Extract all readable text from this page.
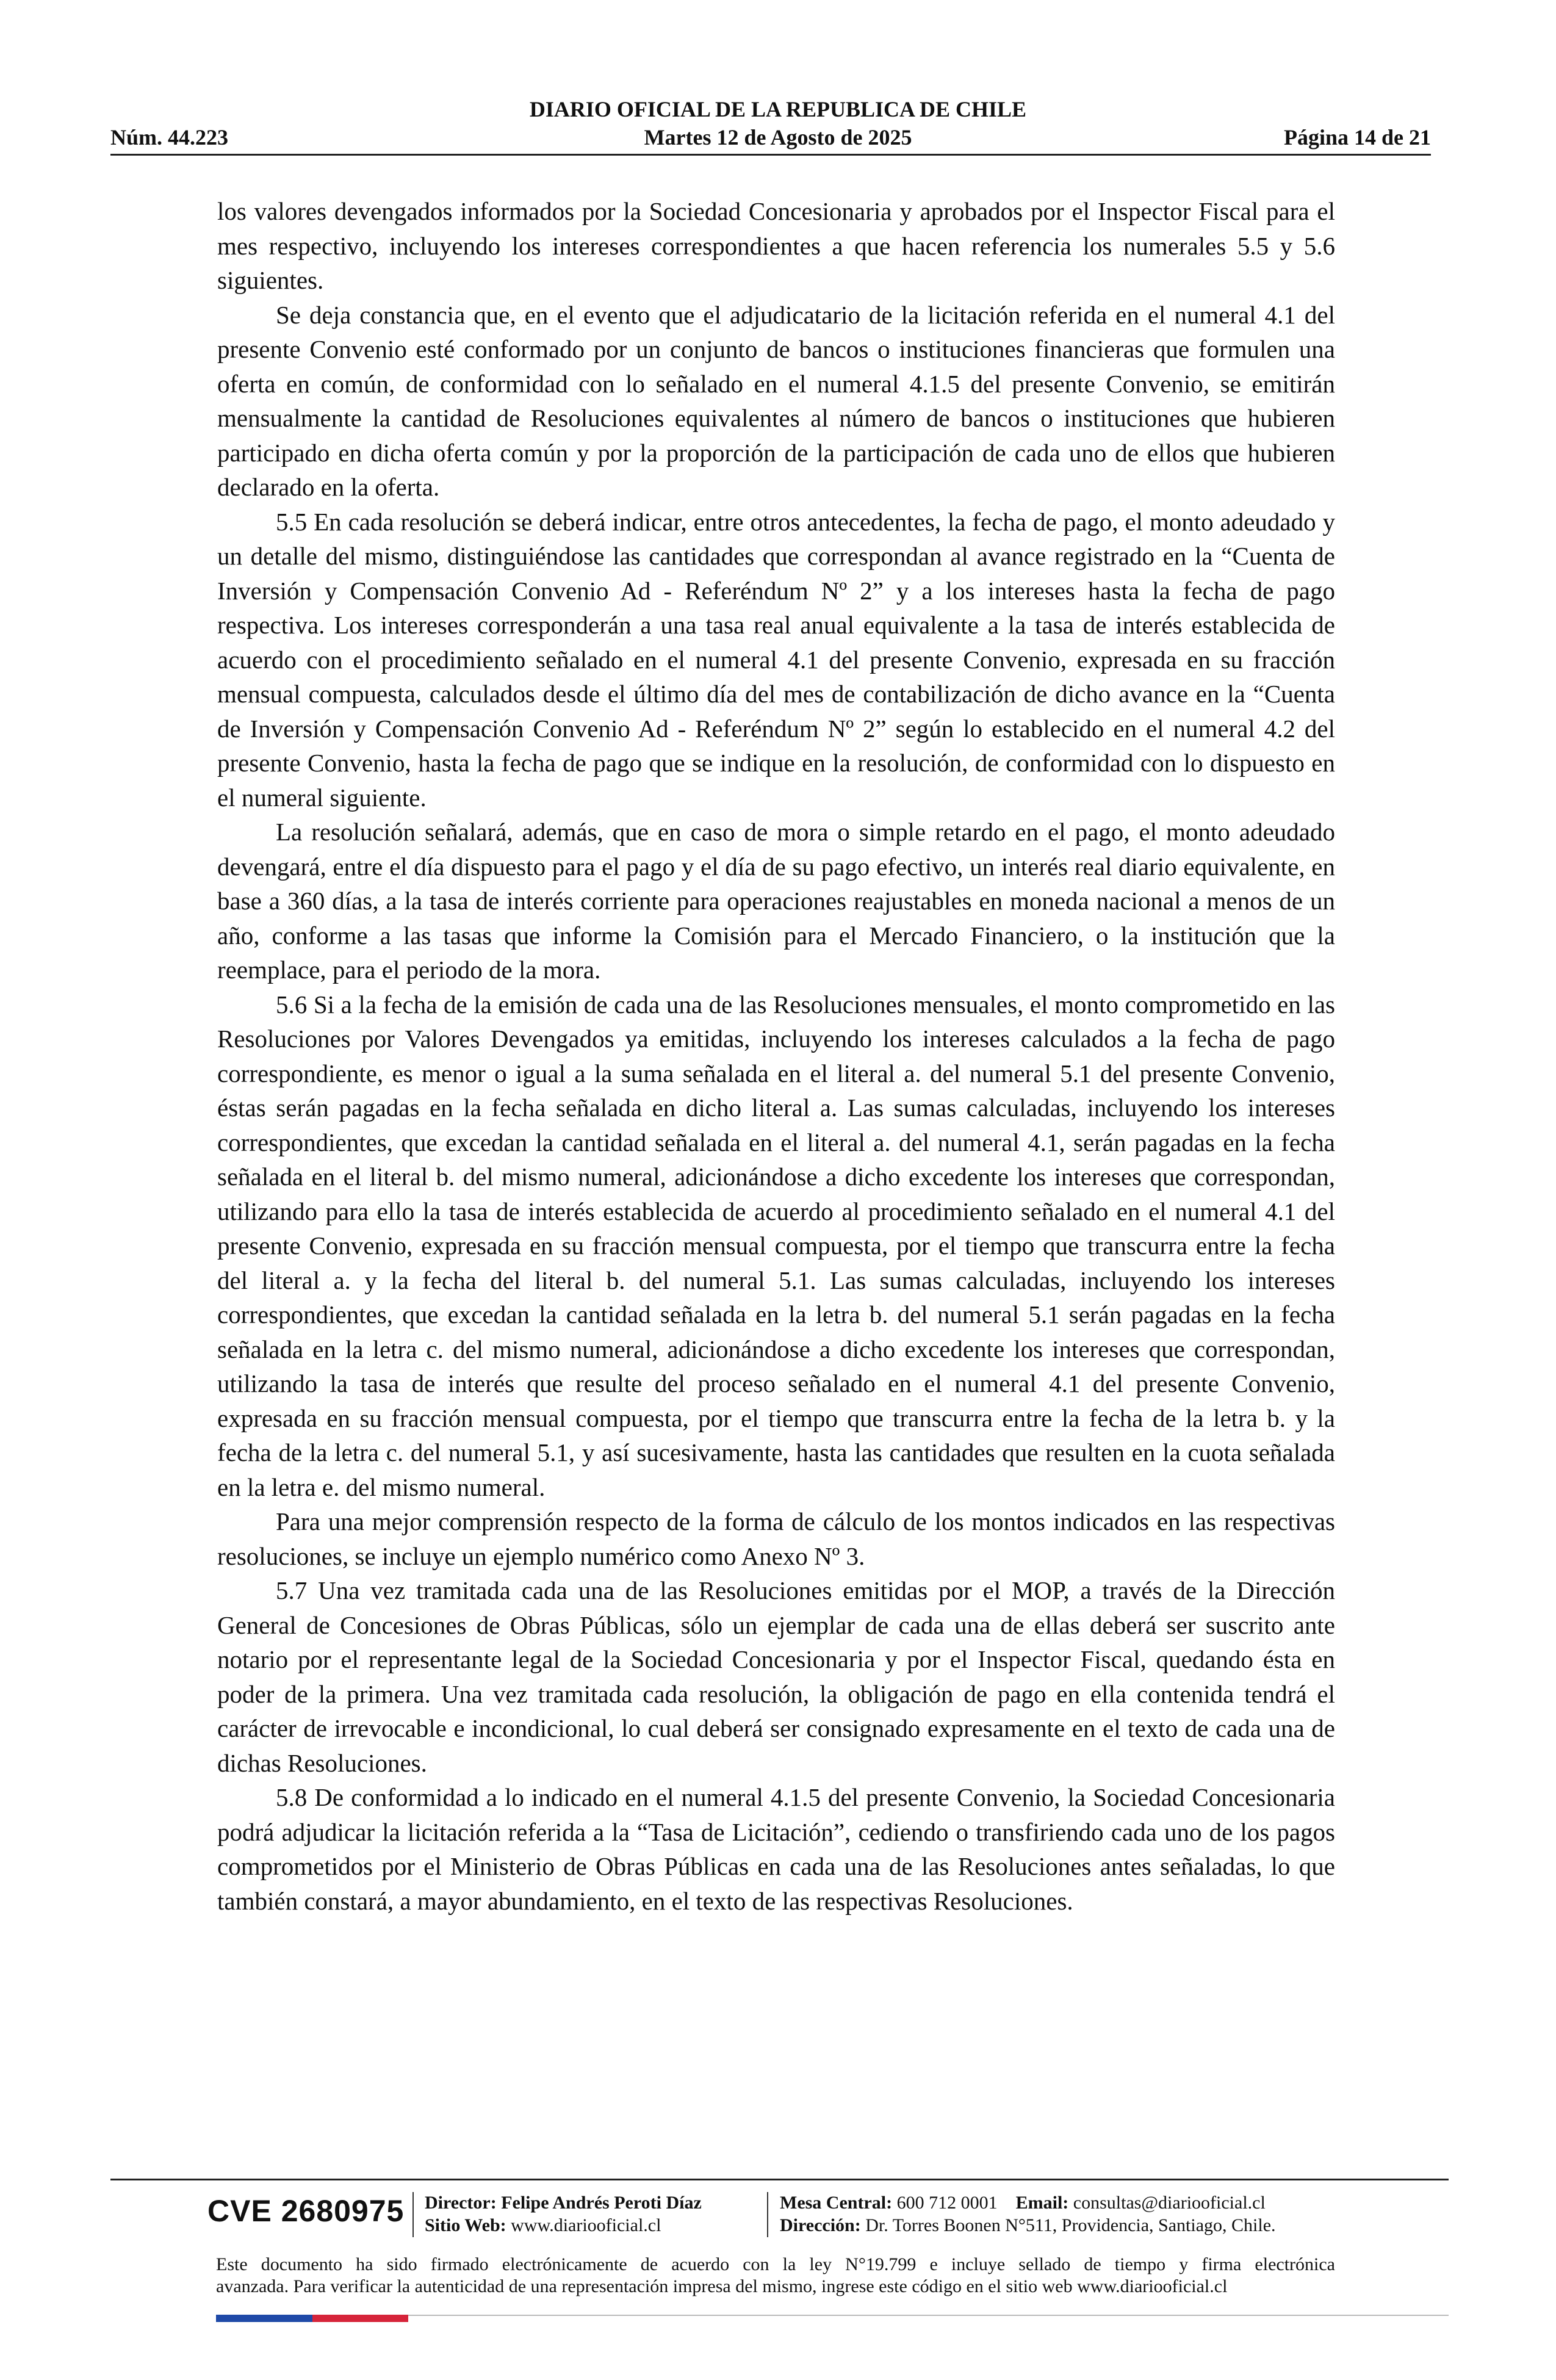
DIARIO OFICIAL DE LA REPUBLICA DE CHILE
Martes 12 de Agosto de 2025
Núm. 44.223	Página 14 de 21

los valores devengados informados por la Sociedad Concesionaria y aprobados por el Inspector Fiscal para el mes respectivo, incluyendo los intereses correspondientes a que hacen referencia los numerales 5.5 y 5.6 siguientes.

Se deja constancia que, en el evento que el adjudicatario de la licitación referida en el numeral 4.1 del presente Convenio esté conformado por un conjunto de bancos o instituciones financieras que formulen una oferta en común, de conformidad con lo señalado en el numeral 4.1.5 del presente Convenio, se emitirán mensualmente la cantidad de Resoluciones equivalentes al número de bancos o instituciones que hubieren participado en dicha oferta común y por la proporción de la participación de cada uno de ellos que hubieren declarado en la oferta.

5.5 En cada resolución se deberá indicar, entre otros antecedentes, la fecha de pago, el monto adeudado y un detalle del mismo, distinguiéndose las cantidades que correspondan al avance registrado en la “Cuenta de Inversión y Compensación Convenio Ad - Referéndum Nº 2” y a los intereses hasta la fecha de pago respectiva. Los intereses corresponderán a una tasa real anual equivalente a la tasa de interés establecida de acuerdo con el procedimiento señalado en el numeral 4.1 del presente Convenio, expresada en su fracción mensual compuesta, calculados desde el último día del mes de contabilización de dicho avance en la “Cuenta de Inversión y Compensación Convenio Ad - Referéndum Nº 2” según lo establecido en el numeral 4.2 del presente Convenio, hasta la fecha de pago que se indique en la resolución, de conformidad con lo dispuesto en el numeral siguiente.

La resolución señalará, además, que en caso de mora o simple retardo en el pago, el monto adeudado devengará, entre el día dispuesto para el pago y el día de su pago efectivo, un interés real diario equivalente, en base a 360 días, a la tasa de interés corriente para operaciones reajustables en moneda nacional a menos de un año, conforme a las tasas que informe la Comisión para el Mercado Financiero, o la institución que la reemplace, para el periodo de la mora.

5.6 Si a la fecha de la emisión de cada una de las Resoluciones mensuales, el monto comprometido en las Resoluciones por Valores Devengados ya emitidas, incluyendo los intereses calculados a la fecha de pago correspondiente, es menor o igual a la suma señalada en el literal a. del numeral 5.1 del presente Convenio, éstas serán pagadas en la fecha señalada en dicho literal a. Las sumas calculadas, incluyendo los intereses correspondientes, que excedan la cantidad señalada en el literal a. del numeral 4.1, serán pagadas en la fecha señalada en el literal b. del mismo numeral, adicionándose a dicho excedente los intereses que correspondan, utilizando para ello la tasa de interés establecida de acuerdo al procedimiento señalado en el numeral 4.1 del presente Convenio, expresada en su fracción mensual compuesta, por el tiempo que transcurra entre la fecha del literal a. y la fecha del literal b. del numeral 5.1. Las sumas calculadas, incluyendo los intereses correspondientes, que excedan la cantidad señalada en la letra b. del numeral 5.1 serán pagadas en la fecha señalada en la letra c. del mismo numeral, adicionándose a dicho excedente los intereses que correspondan, utilizando la tasa de interés que resulte del proceso señalado en el numeral 4.1 del presente Convenio, expresada en su fracción mensual compuesta, por el tiempo que transcurra entre la fecha de la letra b. y la fecha de la letra c. del numeral 5.1, y así sucesivamente, hasta las cantidades que resulten en la cuota señalada en la letra e. del mismo numeral.

Para una mejor comprensión respecto de la forma de cálculo de los montos indicados en las respectivas resoluciones, se incluye un ejemplo numérico como Anexo Nº 3.

5.7 Una vez tramitada cada una de las Resoluciones emitidas por el MOP, a través de la Dirección General de Concesiones de Obras Públicas, sólo un ejemplar de cada una de ellas deberá ser suscrito ante notario por el representante legal de la Sociedad Concesionaria y por el Inspector Fiscal, quedando ésta en poder de la primera. Una vez tramitada cada resolución, la obligación de pago en ella contenida tendrá el carácter de irrevocable e incondicional, lo cual deberá ser consignado expresamente en el texto de cada una de dichas Resoluciones.

5.8 De conformidad a lo indicado en el numeral 4.1.5 del presente Convenio, la Sociedad Concesionaria podrá adjudicar la licitación referida a la “Tasa de Licitación”, cediendo o transfiriendo cada uno de los pagos comprometidos por el Ministerio de Obras Públicas en cada una de las Resoluciones antes señaladas, lo que también constará, a mayor abundamiento, en el texto de las respectivas Resoluciones.

CVE 2680975 Director: Felipe Andrés Peroti Díaz
Sitio Web: www.diariooficial.cl
Mesa Central: 600 712 0001 Email: consultas@diariooficial.cl
Dirección: Dr. Torres Boonen N°511, Providencia, Santiago, Chile.
Este documento ha sido firmado electrónicamente de acuerdo con la ley N°19.799 e incluye sellado de tiempo y firma electrónica
avanzada. Para verificar la autenticidad de una representación impresa del mismo, ingrese este código en el sitio web www.diariooficial.cl
